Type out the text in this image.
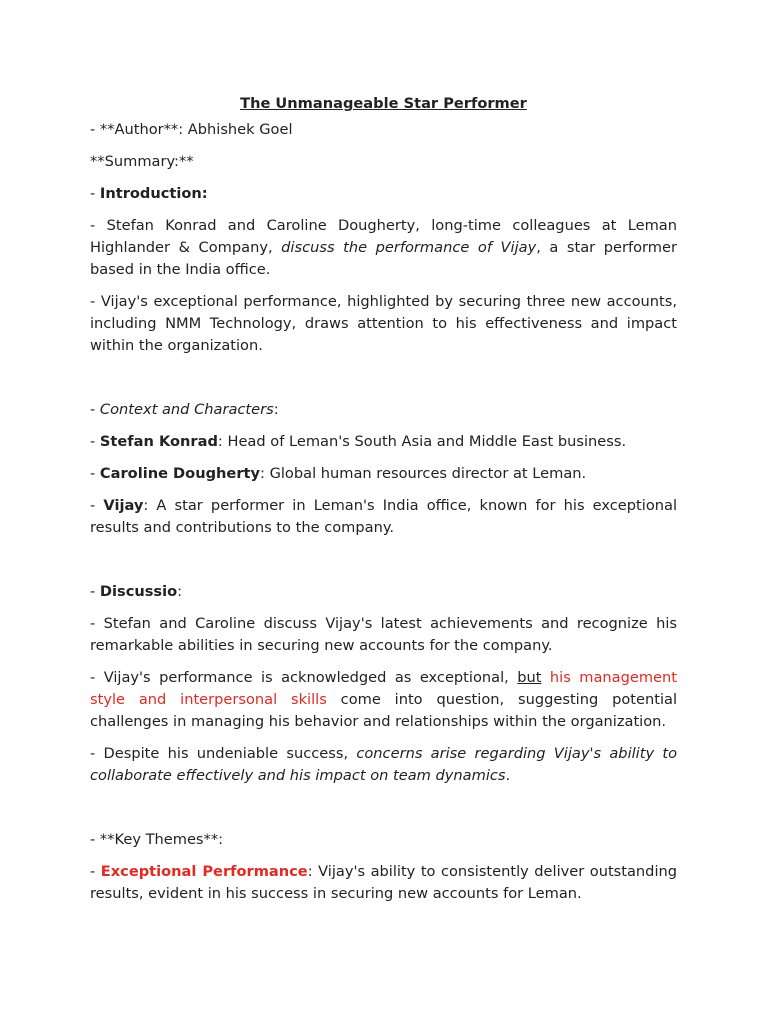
The Unmanageable Star Performer

- **Author**: Abhishek Goel

**Summary:**

- Introduction:

- Stefan Konrad and Caroline Dougherty, long-time colleagues at Leman Highlander & Company, discuss the performance of Vijay, a star performer based in the India office.

- Vijay's exceptional performance, highlighted by securing three new accounts, including NMM Technology, draws attention to his effectiveness and impact within the organization.

- Context and Characters:

- Stefan Konrad: Head of Leman's South Asia and Middle East business.

- Caroline Dougherty: Global human resources director at Leman.

- Vijay: A star performer in Leman's India office, known for his exceptional results and contributions to the company.

- Discussio:

- Stefan and Caroline discuss Vijay's latest achievements and recognize his remarkable abilities in securing new accounts for the company.

- Vijay's performance is acknowledged as exceptional, but his management style and interpersonal skills come into question, suggesting potential challenges in managing his behavior and relationships within the organization.

- Despite his undeniable success, concerns arise regarding Vijay's ability to collaborate effectively and his impact on team dynamics.

- **Key Themes**:

- Exceptional Performance: Vijay's ability to consistently deliver outstanding results, evident in his success in securing new accounts for Leman.
